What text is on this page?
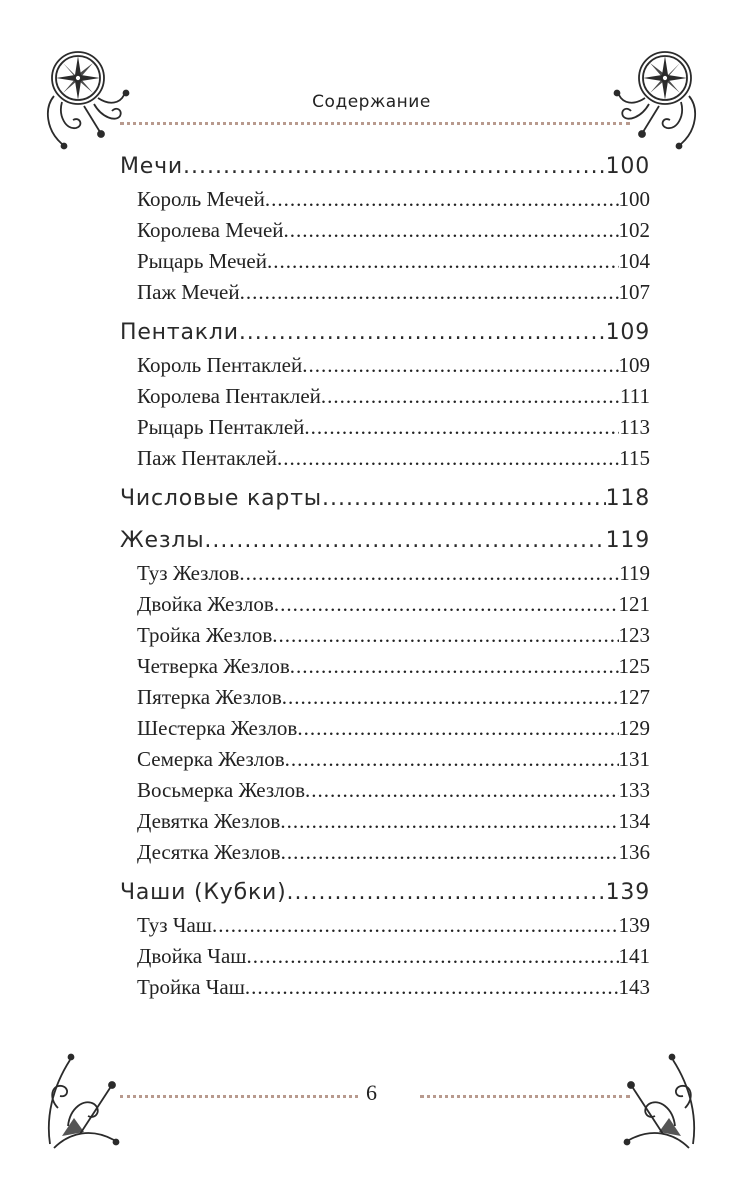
Содержание
Мечи .....	100
Король Мечей .....	100
Королева Мечей .....	102
Рыцарь Мечей .....	104
Паж Мечей .....	107
Пентакли .....	109
Король Пентаклей .....	109
Королева Пентаклей .....	111
Рыцарь Пентаклей .....	113
Паж Пентаклей .....	115
Числовые карты .....	118
Жезлы .....	119
Туз Жезлов .....	119
Двойка Жезлов .....	121
Тройка Жезлов .....	123
Четверка Жезлов .....	125
Пятерка Жезлов .....	127
Шестерка Жезлов .....	129
Семерка Жезлов .....	131
Восьмерка Жезлов .....	133
Девятка Жезлов .....	134
Десятка Жезлов .....	136
Чаши (Кубки) .....	139
Туз Чаш .....	139
Двойка Чаш .....	141
Тройка Чаш .....	143
6
